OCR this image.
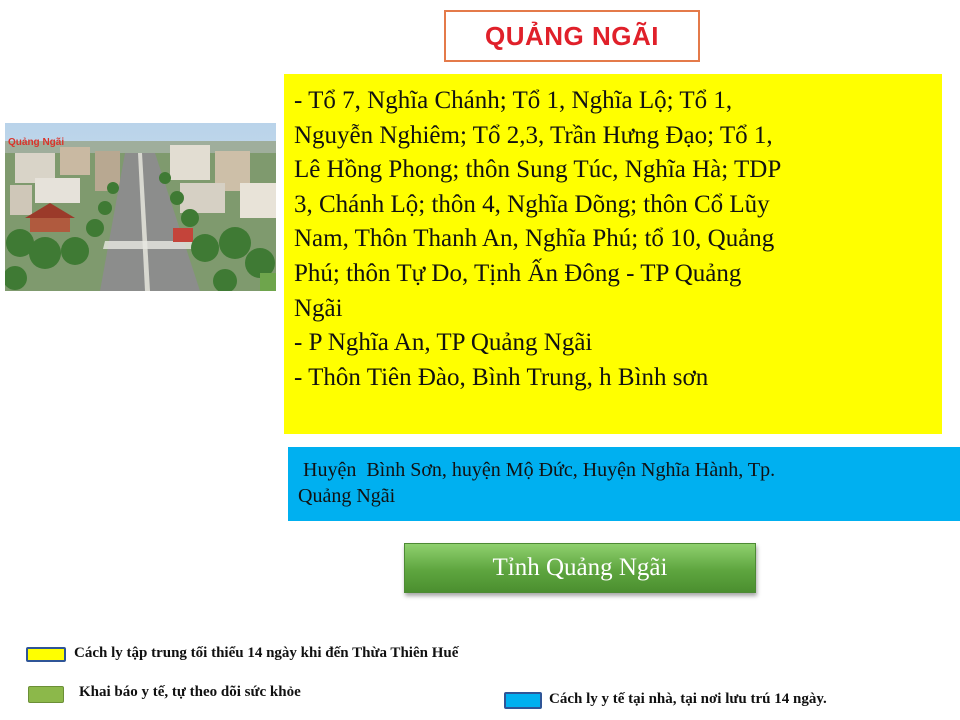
QUẢNG NGÃI
Quảng Ngãi
- Tổ 7, Nghĩa Chánh; Tổ 1, Nghĩa Lộ; Tổ 1,
Nguyễn Nghiêm; Tổ 2,3, Trần Hưng Đạo; Tổ 1,
Lê Hồng Phong; thôn Sung Túc, Nghĩa Hà; TDP
3, Chánh Lộ; thôn 4, Nghĩa Dõng; thôn Cổ Lũy
Nam, Thôn Thanh An, Nghĩa Phú; tổ 10, Quảng
Phú; thôn Tự Do, Tịnh Ấn Đông - TP Quảng
Ngãi
- P Nghĩa An, TP Quảng Ngãi
- Thôn Tiên Đào, Bình Trung, h Bình sơn
Huyện  Bình Sơn, huyện Mộ Đức, Huyện Nghĩa Hành, Tp.
Quảng Ngãi
Tỉnh Quảng Ngãi
Cách ly tập trung tối thiểu 14 ngày khi đến Thừa Thiên Huế
Khai báo y tế, tự theo dõi sức khỏe	Cách ly y tế tại nhà, tại nơi lưu trú 14 ngày.
